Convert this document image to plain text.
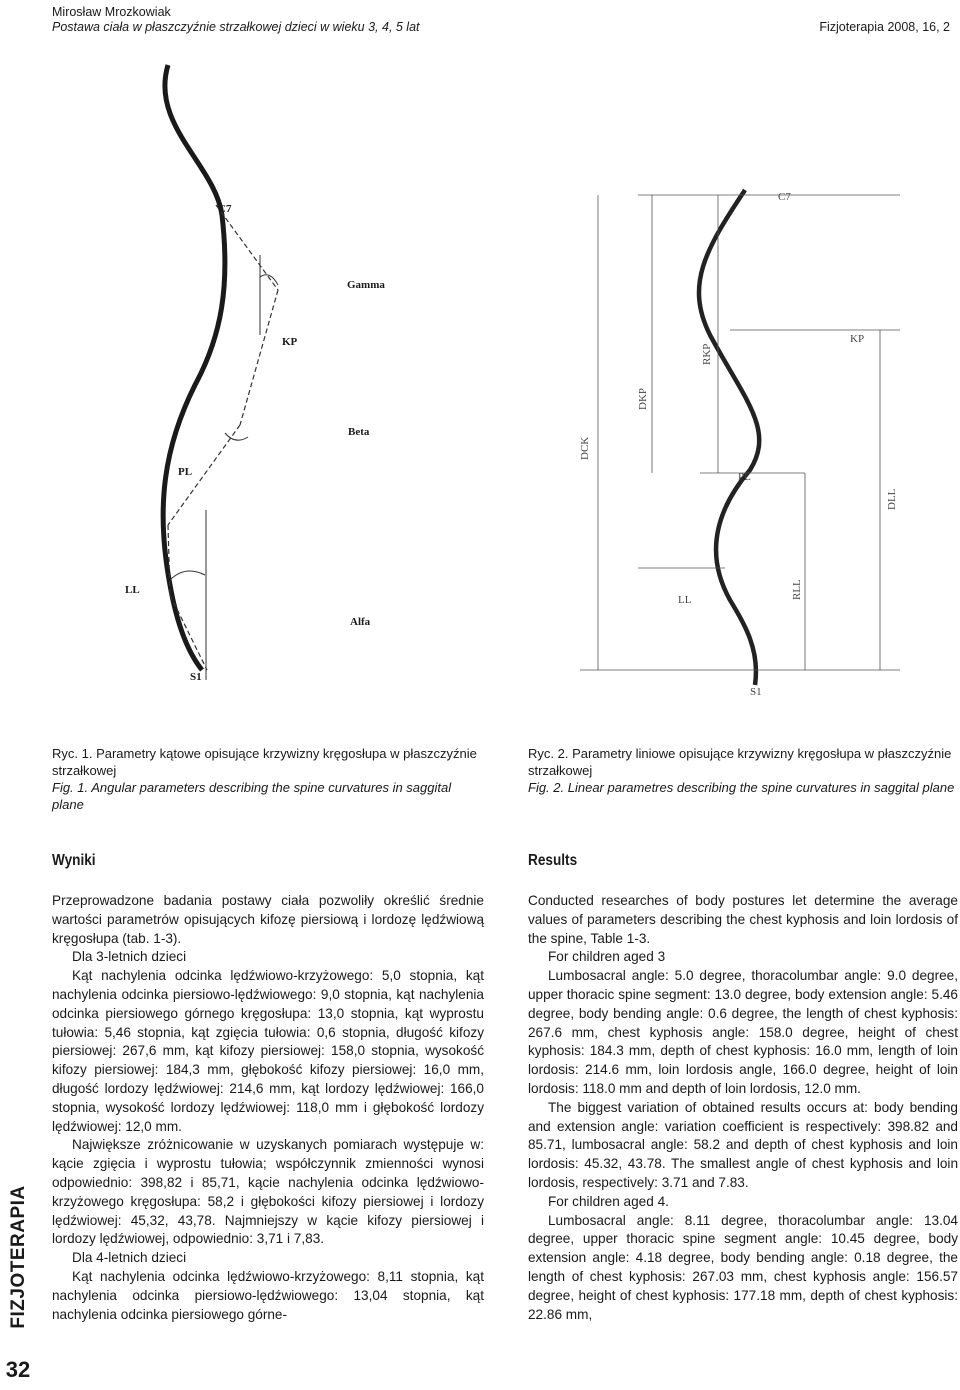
Mirosław Mrozkowiak
Postawa ciała w płaszczyźnie strzałkowej dzieci w wieku 3, 4, 5 lat	Fizjoterapia 2008, 16, 2
C7
Gamma
KP
Beta
PL
LL
Alfa
S1
C7
KP
PL
LL
S1
DCK
DKP
RKP
RLL
DLL
Ryc. 1. Parametry kątowe opisujące krzywizny kręgosłupa w płaszczyźnie strzałkowej
Fig. 1. Angular parameters describing the spine curvatures in saggital plane
Ryc. 2. Parametry liniowe opisujące krzywizny kręgosłupa w płaszczyźnie strzałkowej
Fig. 2. Linear parametres describing the spine curvatures in saggital plane
Wyniki	Results

Przeprowadzone badania postawy ciała pozwoliły określić średnie wartości parametrów opisujących kifozę piersiową i lordozę lędźwiową kręgosłupa (tab. 1-3).

Dla 3-letnich dzieci

Kąt nachylenia odcinka lędźwiowo-krzyżowego: 5,0 stopnia, kąt nachylenia odcinka piersiowo-lędźwiowego: 9,0 stopnia, kąt nachylenia odcinka piersiowego górnego kręgosłupa: 13,0 stopnia, kąt wyprostu tułowia: 5,46 stopnia, kąt zgięcia tułowia: 0,6 stopnia, długość kifozy piersiowej: 267,6 mm, kąt kifozy piersiowej: 158,0 stopnia, wysokość kifozy piersiowej: 184,3 mm, głębokość kifozy piersiowej: 16,0 mm, długość lordozy lędźwiowej: 214,6 mm, kąt lordozy lędźwiowej: 166,0 stopnia, wysokość lordozy lędźwiowej: 118,0 mm i głębokość lordozy lędźwiowej: 12,0 mm.

Największe zróżnicowanie w uzyskanych pomiarach występuje w: kącie zgięcia i wyprostu tułowia; współczynnik zmienności wynosi odpowiednio: 398,82 i 85,71, kącie nachylenia odcinka lędźwiowo-krzyżowego kręgosłupa: 58,2 i głębokości kifozy piersiowej i lordozy lędźwiowej: 45,32, 43,78. Najmniejszy w kącie kifozy piersiowej i lordozy lędźwiowej, odpowiednio: 3,71 i 7,83.

Dla 4-letnich dzieci

Kąt nachylenia odcinka lędźwiowo-krzyżowego: 8,11 stopnia, kąt nachylenia odcinka piersiowo-lędźwiowego: 13,04 stopnia, kąt nachylenia odcinka piersiowego górne-

Conducted researches of body postures let determine the average values of parameters describing the chest kyphosis and loin lordosis of the spine, Table 1-3.

For children aged 3

Lumbosacral angle: 5.0 degree, thoracolumbar angle: 9.0 degree, upper thoracic spine segment: 13.0 degree, body extension angle: 5.46 degree, body bending angle: 0.6 degree, the length of chest kyphosis: 267.6 mm, chest kyphosis angle: 158.0 degree, height of chest kyphosis: 184.3 mm, depth of chest kyphosis: 16.0 mm, length of loin lordosis: 214.6 mm, loin lordosis angle, 166.0 degree, height of loin lordosis: 118.0 mm and depth of loin lordosis, 12.0 mm.

The biggest variation of obtained results occurs at: body bending and extension angle: variation coefficient is respectively: 398.82 and 85.71, lumbosacral angle: 58.2 and depth of chest kyphosis and loin lordosis: 45.32, 43.78. The smallest angle of chest kyphosis and loin lordosis, respectively: 3.71 and 7.83.

For children aged 4.

Lumbosacral angle: 8.11 degree, thoracolumbar angle: 13.04 degree, upper thoracic spine segment angle: 10.45 degree, body extension angle: 4.18 degree, body bending angle: 0.18 degree, the length of chest kyphosis: 267.03 mm, chest kyphosis angle: 156.57 degree, height of chest kyphosis: 177.18 mm, depth of chest kyphosis: 22.86 mm,

FIZJOTERAPIA
32
